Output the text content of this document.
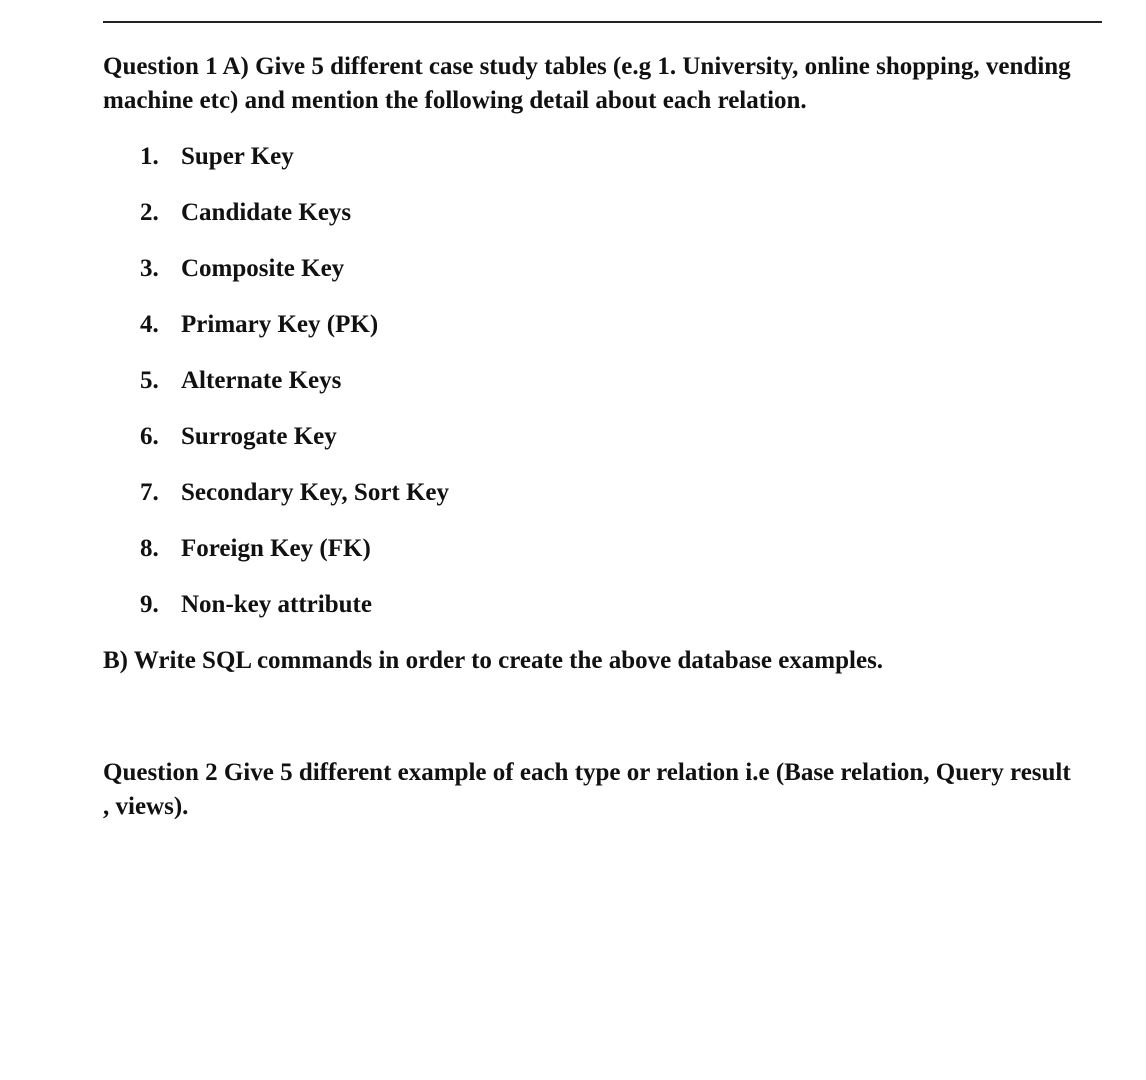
Question 1 A) Give 5 different case study tables (e.g 1. University, online shopping, vending machine etc) and mention the following detail about each relation.

1. Super Key
2. Candidate Keys
3. Composite Key
4. Primary Key (PK)
5. Alternate Keys
6. Surrogate Key
7. Secondary Key, Sort Key
8. Foreign Key (FK)
9. Non-key attribute

B) Write SQL commands in order to create the above database examples.

Question 2 Give 5 different example of each type or relation i.e (Base relation, Query result , views).
